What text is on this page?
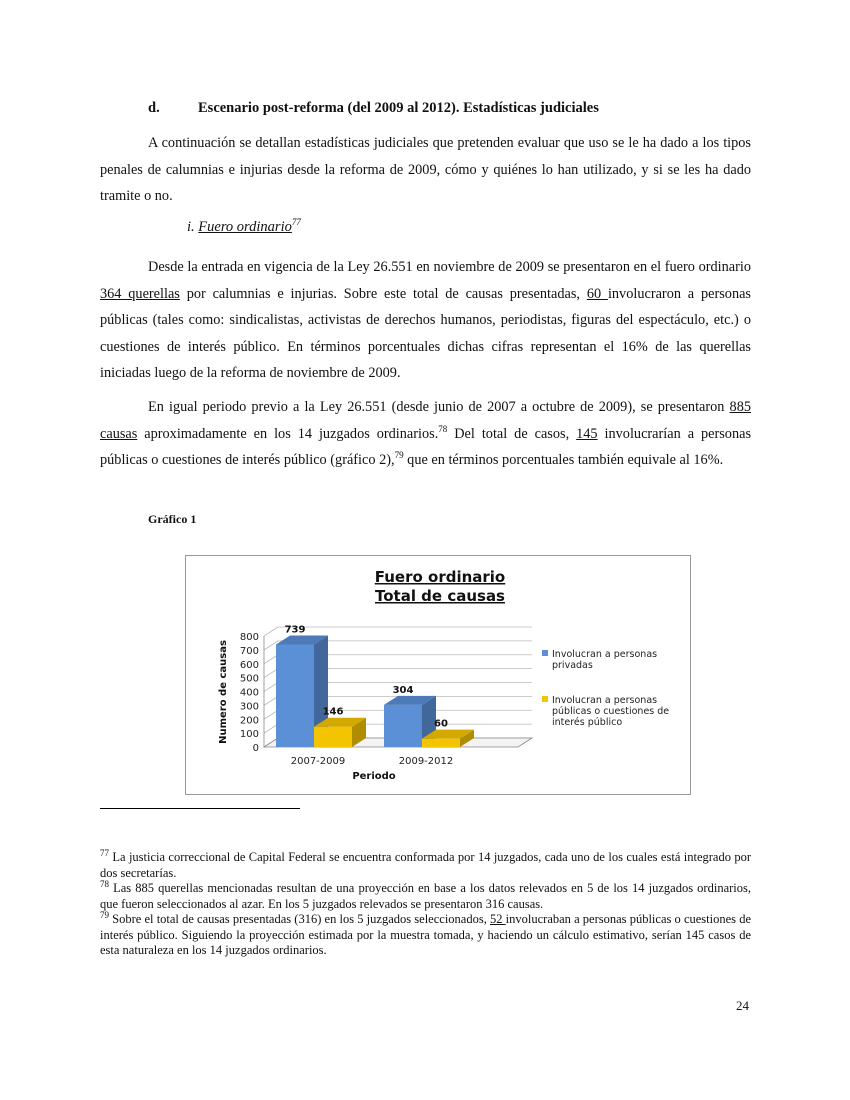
d.	Escenario post-reforma (del 2009 al 2012). Estadísticas judiciales

A continuación se detallan estadísticas judiciales que pretenden evaluar que uso se le ha dado a los tipos penales de calumnias e injurias desde la reforma de 2009, cómo y quiénes lo han utilizado, y si se les ha dado tramite o no.

i. Fuero ordinario$^{77}$

Desde la entrada en vigencia de la Ley 26.551 en noviembre de 2009 se presentaron en el fuero ordinario 364 querellas por calumnias e injurias. Sobre este total de causas presentadas, 60 involucraron a personas públicas (tales como: sindicalistas, activistas de derechos humanos, periodistas, figuras del espectáculo, etc.) o cuestiones de interés público. En términos porcentuales dichas cifras representan el 16% de las querellas iniciadas luego de la reforma de noviembre de 2009.

En igual periodo previo a la Ley 26.551 (desde junio de 2007 a octubre de 2009), se presentaron 885 causas aproximadamente en los 14 juzgados ordinarios.$^{78}$ Del total de casos, 145 involucrarían a personas públicas o cuestiones de interés público (gráfico 2),$^{79}$ que en términos porcentuales también equivale al 16%.

Gráfico 1
Fuero ordinario
Total de causas
0
100
200
300
400
500
600
700
800
2007-2009	2009-2012
739
146
304
60
Numero de causas
Periodo
Involucran a personas privadas
Involucran a personas públicas o cuestiones de interés público

$^{77}$ La justicia correccional de Capital Federal se encuentra conformada por 14 juzgados, cada uno de los cuales está integrado por dos secretarías.

$^{78}$ Las 885 querellas mencionadas resultan de una proyección en base a los datos relevados en 5 de los 14 juzgados ordinarios, que fueron seleccionados al azar. En los 5 juzgados relevados se presentaron 316 causas.

$^{79}$ Sobre el total de causas presentadas (316) en los 5 juzgados seleccionados, 52 involucraban a personas públicas o cuestiones de interés público. Siguiendo la proyección estimada por la muestra tomada, y haciendo un cálculo estimativo, serían 145 casos de esta naturaleza en los 14 juzgados ordinarios.

24
